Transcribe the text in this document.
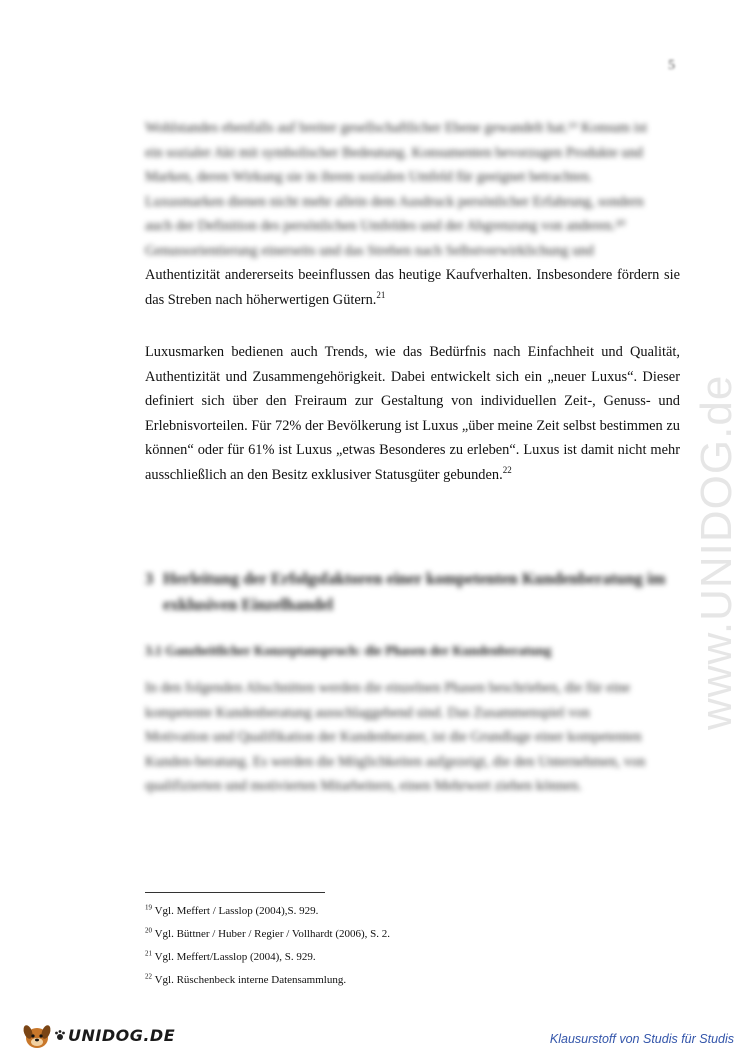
5
www.UNIDOG.de

Wohlstandes ebenfalls auf breiter gesellschaftlicher Ebene gewandelt hat.¹⁹ Konsum ist

ein sozialer Akt mit symbolischer Bedeutung. Konsumenten bevorzugen Produkte und

Marken, deren Wirkung sie in ihrem sozialen Umfeld für geeignet betrachten.

Luxusmarken dienen nicht mehr allein dem Ausdruck persönlicher Erfahrung, sondern

auch der Definition des persönlichen Umfeldes und der Abgrenzung von anderen.²⁰

Genussorientierung einerseits und das Streben nach Selbstverwirklichung und

Authentizität andererseits beeinflussen das heutige Kaufverhalten. Insbesondere fördern sie das Streben nach höherwertigen Gütern.$^{21}$

Luxusmarken bedienen auch Trends, wie das Bedürfnis nach Einfachheit und Qualität, Authentizität und Zusammengehörigkeit. Dabei entwickelt sich ein „neuer Luxus“. Dieser definiert sich über den Freiraum zur Gestaltung von individuellen Zeit-, Genuss- und Erlebnisvorteilen. Für 72% der Bevölkerung ist Luxus „über meine Zeit selbst bestimmen zu können“ oder für 61% ist Luxus „etwas Besonderes zu erleben“. Luxus ist damit nicht mehr ausschließlich an den Besitz exklusiver Statusgüter gebunden.$^{22}$

3 Herleitung der Erfolgsfaktoren einer kompetenten Kundenberatung im
exklusiven Einzelhandel
3.1 Ganzheitlicher Konzeptanspruch: die Phasen der Kundenberatung

In den folgenden Abschnitten werden die einzelnen Phasen beschrieben, die für eine

kompetente Kundenberatung ausschlaggebend sind. Das Zusammenspiel von

Motivation und Qualifikation der Kundenberater, ist die Grundlage einer kompetenten

Kunden-beratung. Es werden die Möglichkeiten aufgezeigt, die den Unternehmen, von

qualifizierten und motivierten Mitarbeitern, einen Mehrwert ziehen können.

$^{19}$ Vgl. Meffert / Lasslop (2004),S. 929.
$^{20}$ Vgl. Büttner / Huber / Regier / Vollhardt (2006), S. 2.
$^{21}$ Vgl. Meffert/Lasslop (2004), S. 929.
$^{22}$ Vgl. Rüschenbeck interne Datensammlung.
UNIDOG.DE	Klausurstoff von Studis für Studis
